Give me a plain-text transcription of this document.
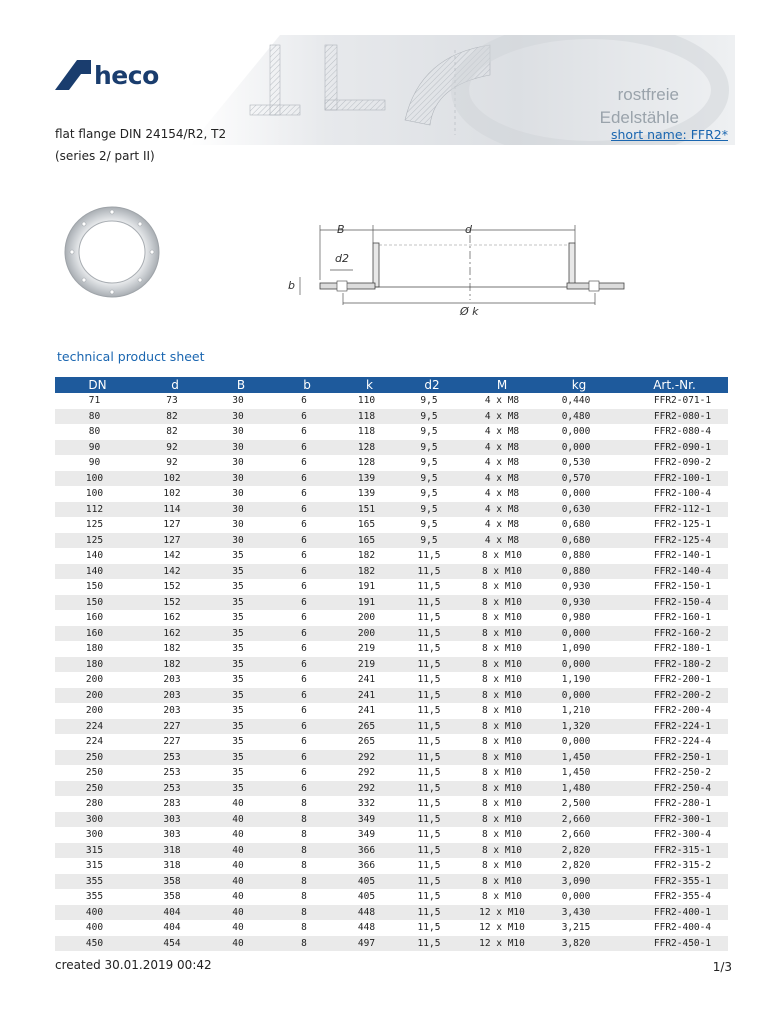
rostfreie
Edelstähle
heco
flat flange DIN 24154/R2, T2
(series 2/ part II)
short name: FFR2*
B	d
d2
b
Ø k
technical product sheet
DN	d	B	b	k	d2	M	kg	Art.-Nr.
71	73	30	6	110	9,5	4 x M8	0,440	FFR2-071-1
80	82	30	6	118	9,5	4 x M8	0,480	FFR2-080-1
80	82	30	6	118	9,5	4 x M8	0,000	FFR2-080-4
90	92	30	6	128	9,5	4 x M8	0,000	FFR2-090-1
90	92	30	6	128	9,5	4 x M8	0,530	FFR2-090-2
100	102	30	6	139	9,5	4 x M8	0,570	FFR2-100-1
100	102	30	6	139	9,5	4 x M8	0,000	FFR2-100-4
112	114	30	6	151	9,5	4 x M8	0,630	FFR2-112-1
125	127	30	6	165	9,5	4 x M8	0,680	FFR2-125-1
125	127	30	6	165	9,5	4 x M8	0,680	FFR2-125-4
140	142	35	6	182	11,5	8 x M10	0,880	FFR2-140-1
140	142	35	6	182	11,5	8 x M10	0,880	FFR2-140-4
150	152	35	6	191	11,5	8 x M10	0,930	FFR2-150-1
150	152	35	6	191	11,5	8 x M10	0,930	FFR2-150-4
160	162	35	6	200	11,5	8 x M10	0,980	FFR2-160-1
160	162	35	6	200	11,5	8 x M10	0,000	FFR2-160-2
180	182	35	6	219	11,5	8 x M10	1,090	FFR2-180-1
180	182	35	6	219	11,5	8 x M10	0,000	FFR2-180-2
200	203	35	6	241	11,5	8 x M10	1,190	FFR2-200-1
200	203	35	6	241	11,5	8 x M10	0,000	FFR2-200-2
200	203	35	6	241	11,5	8 x M10	1,210	FFR2-200-4
224	227	35	6	265	11,5	8 x M10	1,320	FFR2-224-1
224	227	35	6	265	11,5	8 x M10	0,000	FFR2-224-4
250	253	35	6	292	11,5	8 x M10	1,450	FFR2-250-1
250	253	35	6	292	11,5	8 x M10	1,450	FFR2-250-2
250	253	35	6	292	11,5	8 x M10	1,480	FFR2-250-4
280	283	40	8	332	11,5	8 x M10	2,500	FFR2-280-1
300	303	40	8	349	11,5	8 x M10	2,660	FFR2-300-1
300	303	40	8	349	11,5	8 x M10	2,660	FFR2-300-4
315	318	40	8	366	11,5	8 x M10	2,820	FFR2-315-1
315	318	40	8	366	11,5	8 x M10	2,820	FFR2-315-2
355	358	40	8	405	11,5	8 x M10	3,090	FFR2-355-1
355	358	40	8	405	11,5	8 x M10	0,000	FFR2-355-4
400	404	40	8	448	11,5	12 x M10	3,430	FFR2-400-1
400	404	40	8	448	11,5	12 x M10	3,215	FFR2-400-4
450	454	40	8	497	11,5	12 x M10	3,820	FFR2-450-1
created 30.01.2019 00:42	1/3
